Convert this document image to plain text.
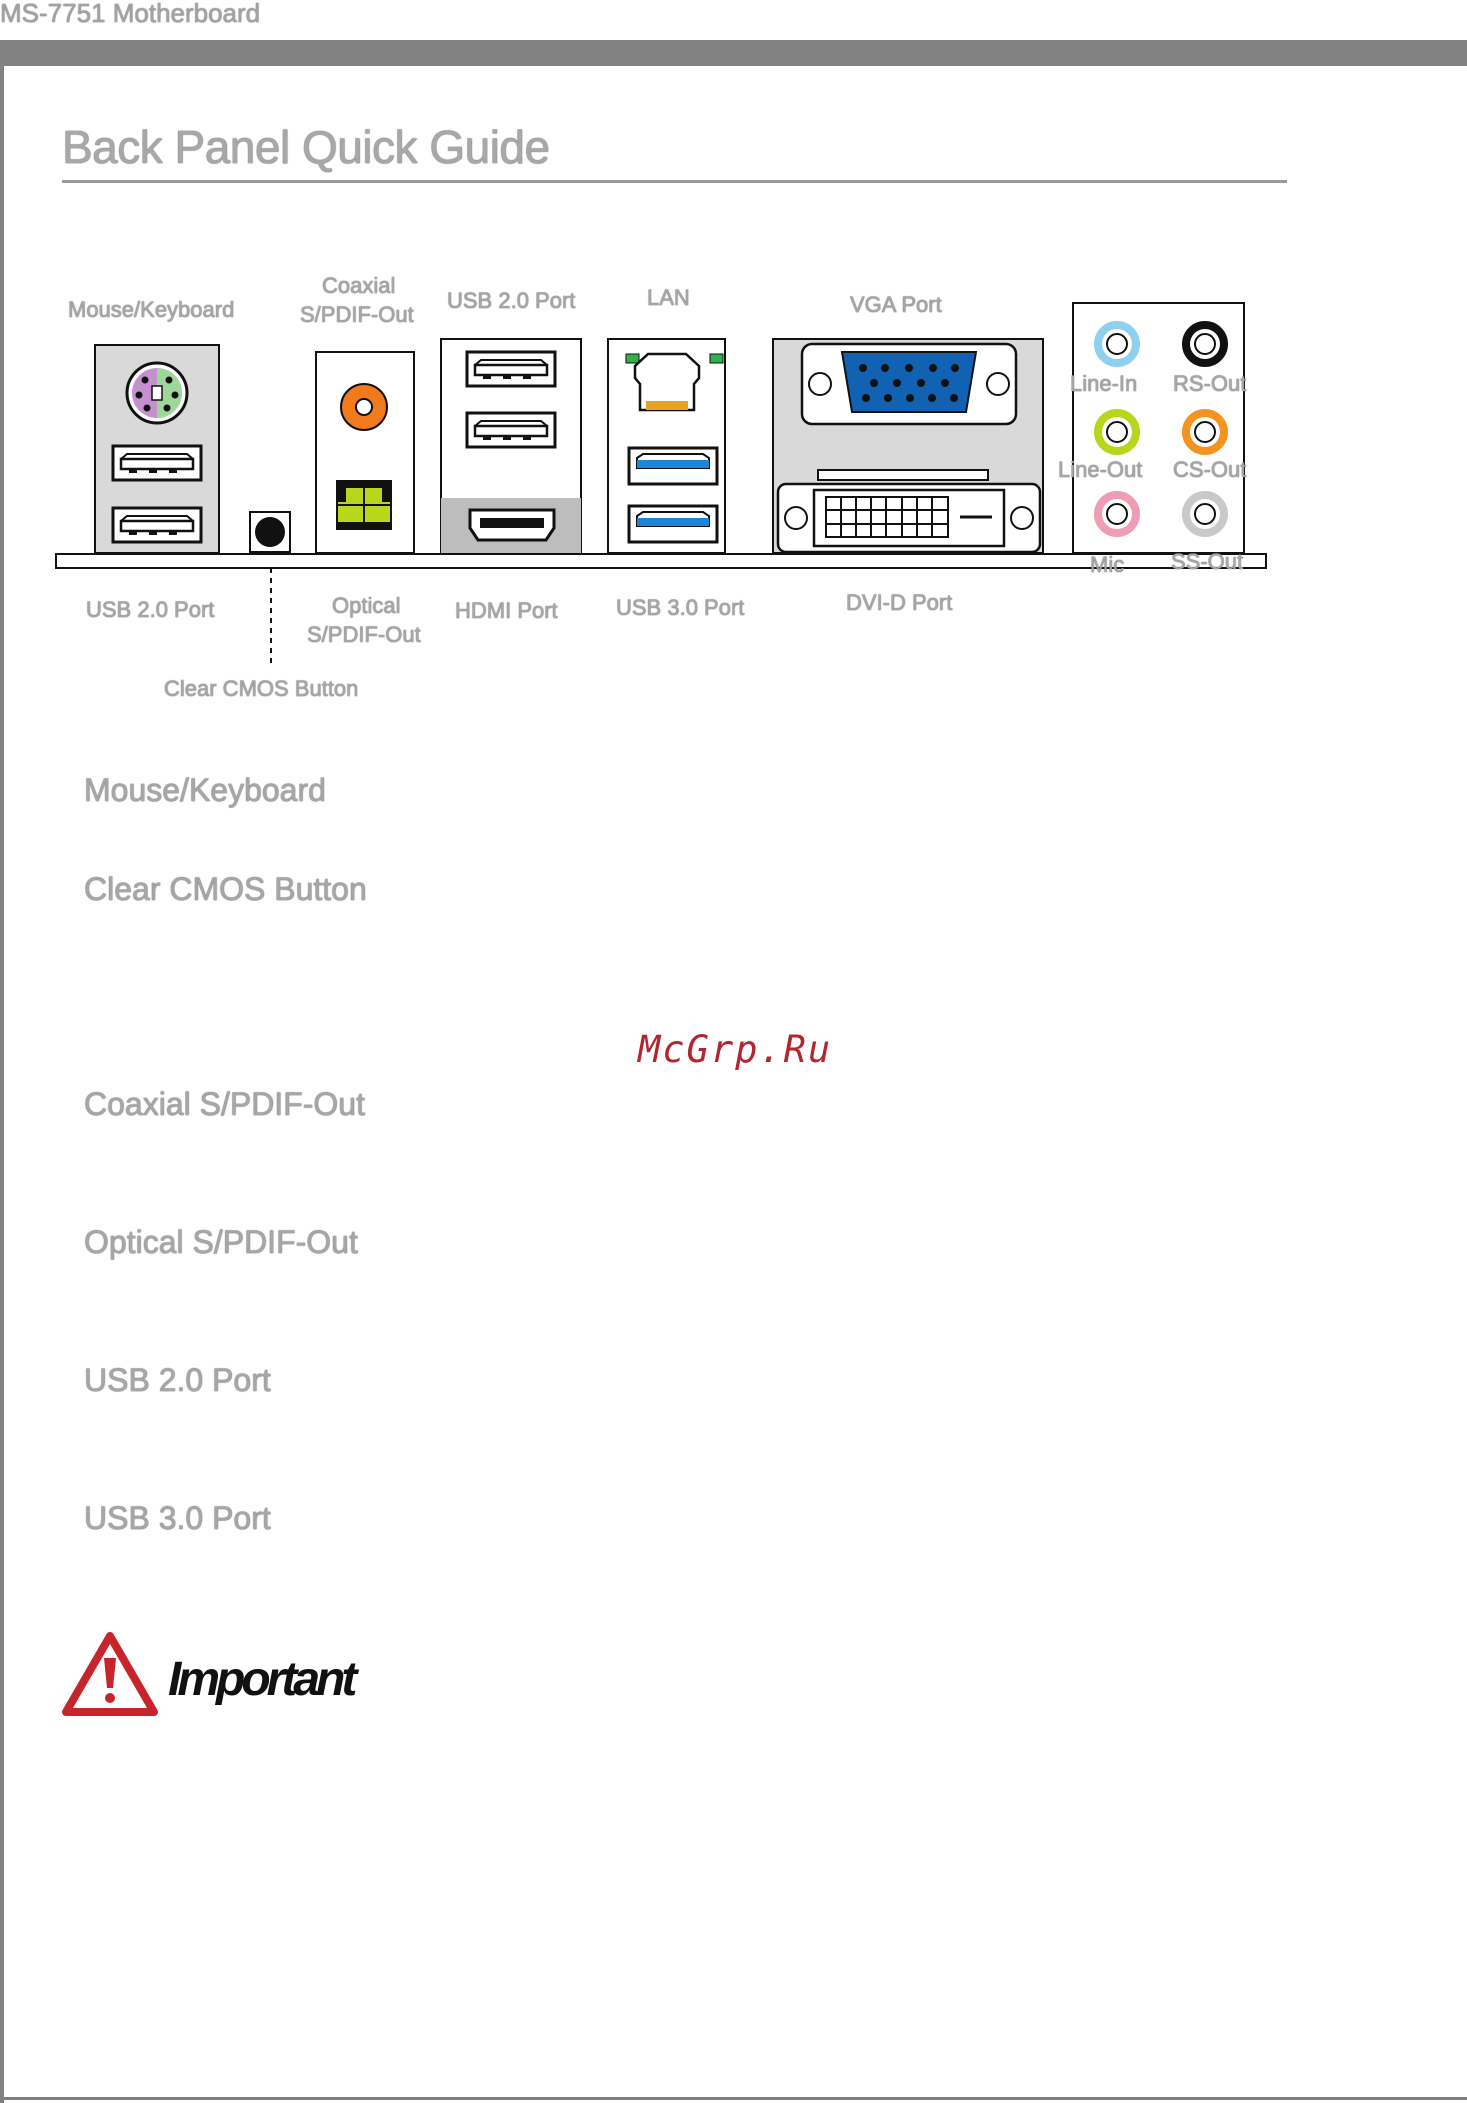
MS-7751 Motherboard
Back Panel Quick Guide
Mouse/Keyboard
Coaxial
S/PDIF-Out
USB 2.0 Port	LAN	VGA Port
Line-In RS-Out
Line-Out CS-Out
Mic SS-Out
USB 2.0 Port	Optical
S/PDIF-Out
HDMI Port	USB 3.0 Port	DVI-D Port
Clear CMOS Button
Mouse/Keyboard
Clear CMOS Button
Coaxial S/PDIF-Out
Optical S/PDIF-Out
USB 2.0 Port
USB 3.0 Port
McGrp.Ru
Important
